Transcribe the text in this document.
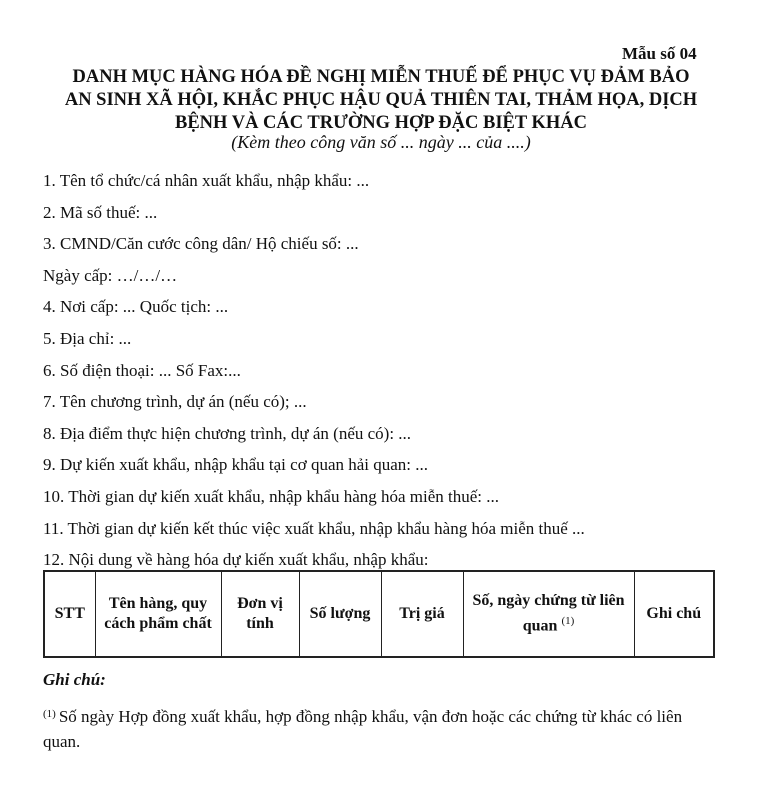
Mẫu số 04
DANH MỤC HÀNG HÓA ĐỀ NGHỊ MIỄN THUẾ ĐỂ PHỤC VỤ ĐẢM BẢO
AN SINH XÃ HỘI, KHẮC PHỤC HẬU QUẢ THIÊN TAI, THẢM HỌA, DỊCH
BỆNH VÀ CÁC TRƯỜNG HỢP ĐẶC BIỆT KHÁC
(Kèm theo công văn số ... ngày ... của ....)
1. Tên tổ chức/cá nhân xuất khẩu, nhập khẩu: ...
2. Mã số thuế: ...
3. CMND/Căn cước công dân/ Hộ chiếu số: ...
Ngày cấp: …/…/…
4. Nơi cấp: ... Quốc tịch: ...
5. Địa chỉ: ...
6. Số điện thoại: ... Số Fax:...
7. Tên chương trình, dự án (nếu có); ...
8. Địa điểm thực hiện chương trình, dự án (nếu có): ...
9. Dự kiến xuất khẩu, nhập khẩu tại cơ quan hải quan: ...
10. Thời gian dự kiến xuất khẩu, nhập khẩu hàng hóa miễn thuế: ...
11. Thời gian dự kiến kết thúc việc xuất khẩu, nhập khẩu hàng hóa miễn thuế ...
12. Nội dung về hàng hóa dự kiến xuất khẩu, nhập khẩu:
STT	Tên hàng, quy cách phẩm chất	Đơn vị tính	Số lượng	Trị giá	Số, ngày chứng từ liên quan $^{(1)}$	Ghi chú
Ghi chú:
$^{(1)}$ Số ngày Hợp đồng xuất khẩu, hợp đồng nhập khẩu, vận đơn hoặc các chứng từ khác có liên quan.
